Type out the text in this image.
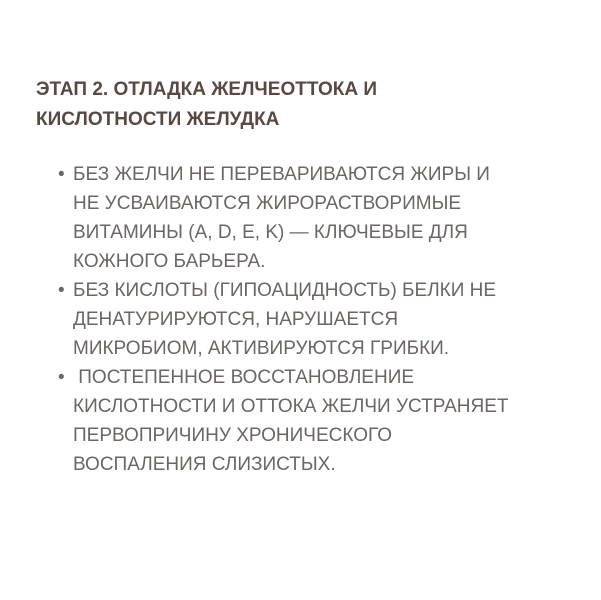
ЭТАП 2. ОТЛАДКА ЖЕЛЧЕОТТОКА И
КИСЛОТНОСТИ ЖЕЛУДКА
• БЕЗ ЖЕЛЧИ НЕ ПЕРЕВАРИВАЮТСЯ ЖИРЫ И
НЕ УСВАИВАЮТСЯ ЖИРОРАСТВОРИМЫЕ
ВИТАМИНЫ (A, D, E, K) — КЛЮЧЕВЫЕ ДЛЯ
КОЖНОГО БАРЬЕРА.
• БЕЗ КИСЛОТЫ (ГИПОАЦИДНОСТЬ) БЕЛКИ НЕ
ДЕНАТУРИРУЮТСЯ, НАРУШАЕТСЯ
МИКРОБИОМ, АКТИВИРУЮТСЯ ГРИБКИ.
• ПОСТЕПЕННОЕ ВОССТАНОВЛЕНИЕ
КИСЛОТНОСТИ И ОТТОКА ЖЕЛЧИ УСТРАНЯЕТ
ПЕРВОПРИЧИНУ ХРОНИЧЕСКОГО
ВОСПАЛЕНИЯ СЛИЗИСТЫХ.
